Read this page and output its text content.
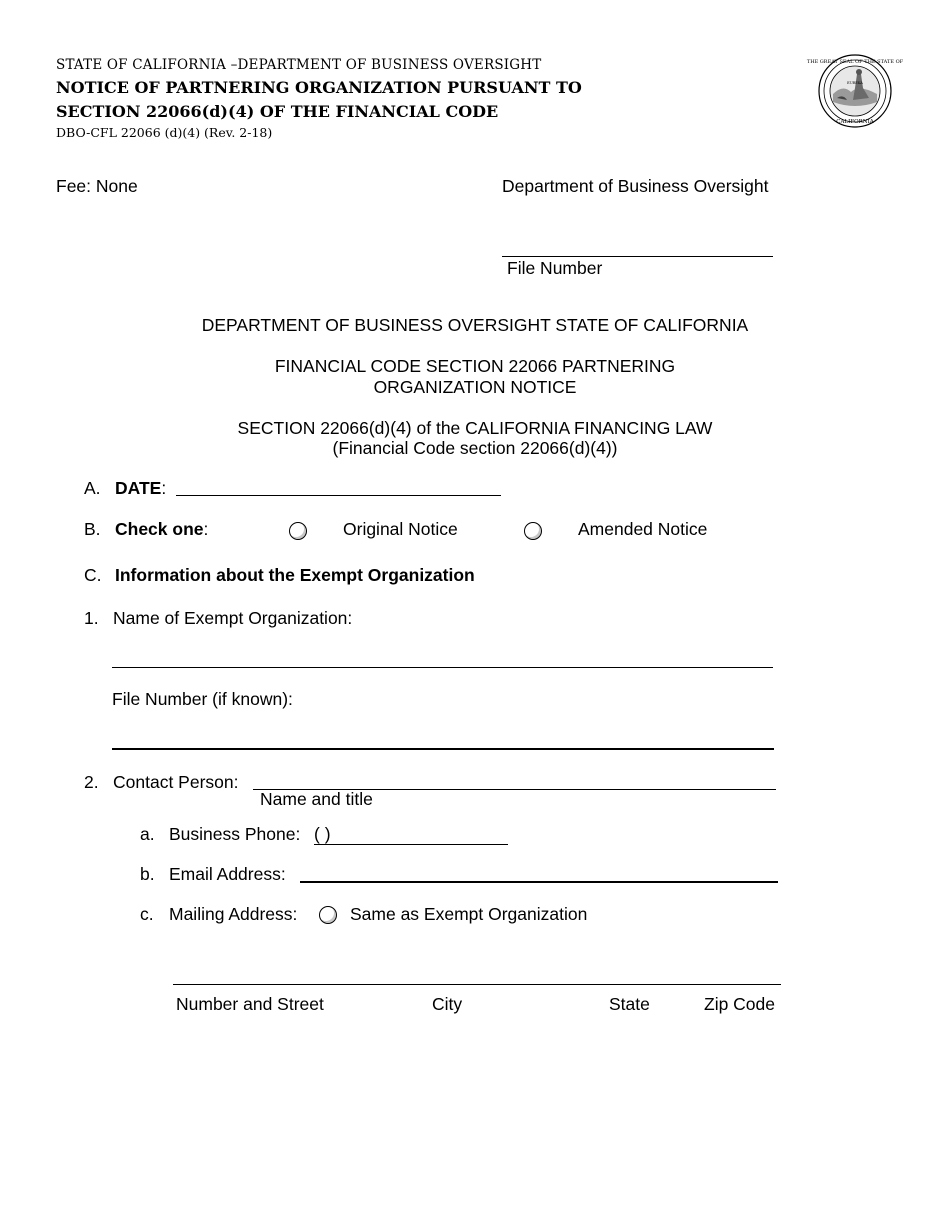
STATE OF CALIFORNIA –DEPARTMENT OF BUSINESS OVERSIGHT
NOTICE OF PARTNERING ORGANIZATION PURSUANT TO
SECTION 22066(d)(4) OF THE FINANCIAL CODE
DBO-CFL 22066 (d)(4) (Rev. 2-18)
THE GREAT SEAL OF THE STATE OF
CALIFORNIA
EUREKA
Fee: None	Department of Business Oversight
File Number
DEPARTMENT OF BUSINESS OVERSIGHT STATE OF CALIFORNIA
FINANCIAL CODE SECTION 22066 PARTNERING
ORGANIZATION NOTICE
SECTION 22066(d)(4) of the CALIFORNIA FINANCING LAW
(Financial Code section 22066(d)(4))
A. DATE:
B. Check one:	Original Notice	Amended Notice
C. Information about the Exempt Organization
1. Name of Exempt Organization:
File Number (if known):
2. Contact Person:
Name and title
a. Business Phone: ( )
b. Email Address:
c. Mailing Address:	Same as Exempt Organization
Number and Street	City	State	Zip Code
